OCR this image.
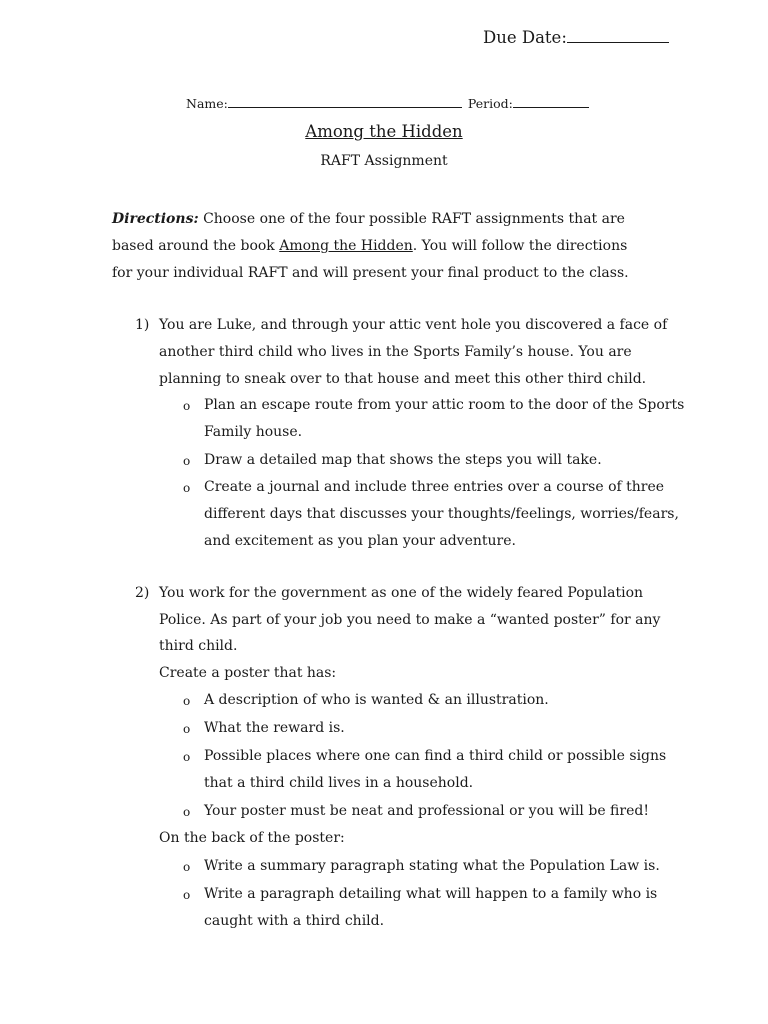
Due Date:
Name:	Period:
Among the Hidden
RAFT Assignment
Directions: Choose one of the four possible RAFT assignments that are based around the book Among the Hidden. You will follow the directions for your individual RAFT and will present your final product to the class.
1) You are Luke, and through your attic vent hole you discovered a face of
another third child who lives in the Sports Family’s house. You are
planning to sneak over to that house and meet this other third child.
o Plan an escape route from your attic room to the door of the Sports
Family house.
o Draw a detailed map that shows the steps you will take.
o Create a journal and include three entries over a course of three
different days that discusses your thoughts/feelings, worries/fears,
and excitement as you plan your adventure.
2) You work for the government as one of the widely feared Population
Police. As part of your job you need to make a “wanted poster” for any
third child.
Create a poster that has:
o A description of who is wanted & an illustration.
o What the reward is.
o Possible places where one can find a third child or possible signs
that a third child lives in a household.
o Your poster must be neat and professional or you will be fired!
On the back of the poster:
o Write a summary paragraph stating what the Population Law is.
o Write a paragraph detailing what will happen to a family who is
caught with a third child.
